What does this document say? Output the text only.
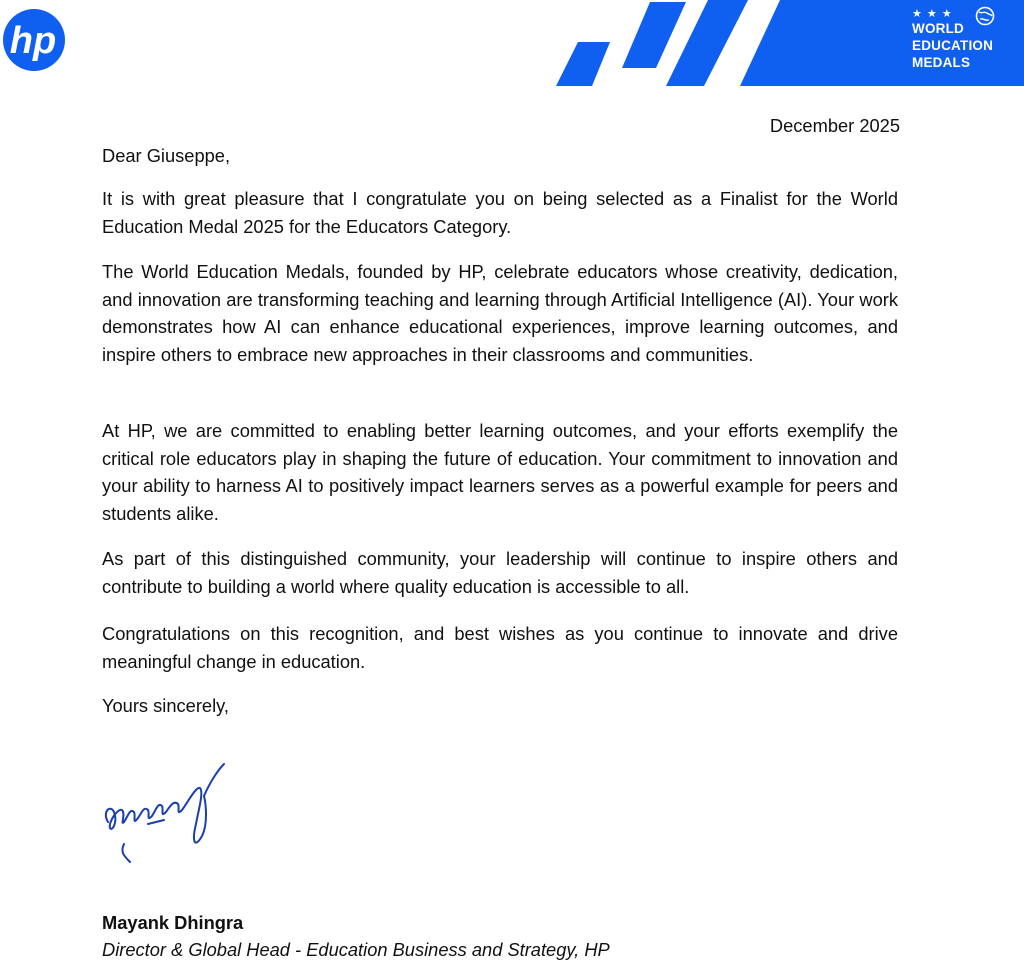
hp
★ ★ ★
WORLD
EDUCATION
MEDALS
December 2025
Dear Giuseppe,

It is with great pleasure that I congratulate you on being selected as a Finalist for the World Education Medal 2025 for the Educators Category.

The World Education Medals, founded by HP, celebrate educators whose creativity, dedication, and innovation are transforming teaching and learning through Artificial Intelligence (AI). Your work demonstrates how AI can enhance educational experiences, improve learning outcomes, and inspire others to embrace new approaches in their classrooms and communities.

At HP, we are committed to enabling better learning outcomes, and your efforts exemplify the critical role educators play in shaping the future of education. Your commitment to innovation and your ability to harness AI to positively impact learners serves as a powerful example for peers and students alike.

As part of this distinguished community, your leadership will continue to inspire others and contribute to building a world where quality education is accessible to all.

Congratulations on this recognition, and best wishes as you continue to innovate and drive meaningful change in education.

Yours sincerely,
Mayank Dhingra
Director & Global Head - Education Business and Strategy, HP
